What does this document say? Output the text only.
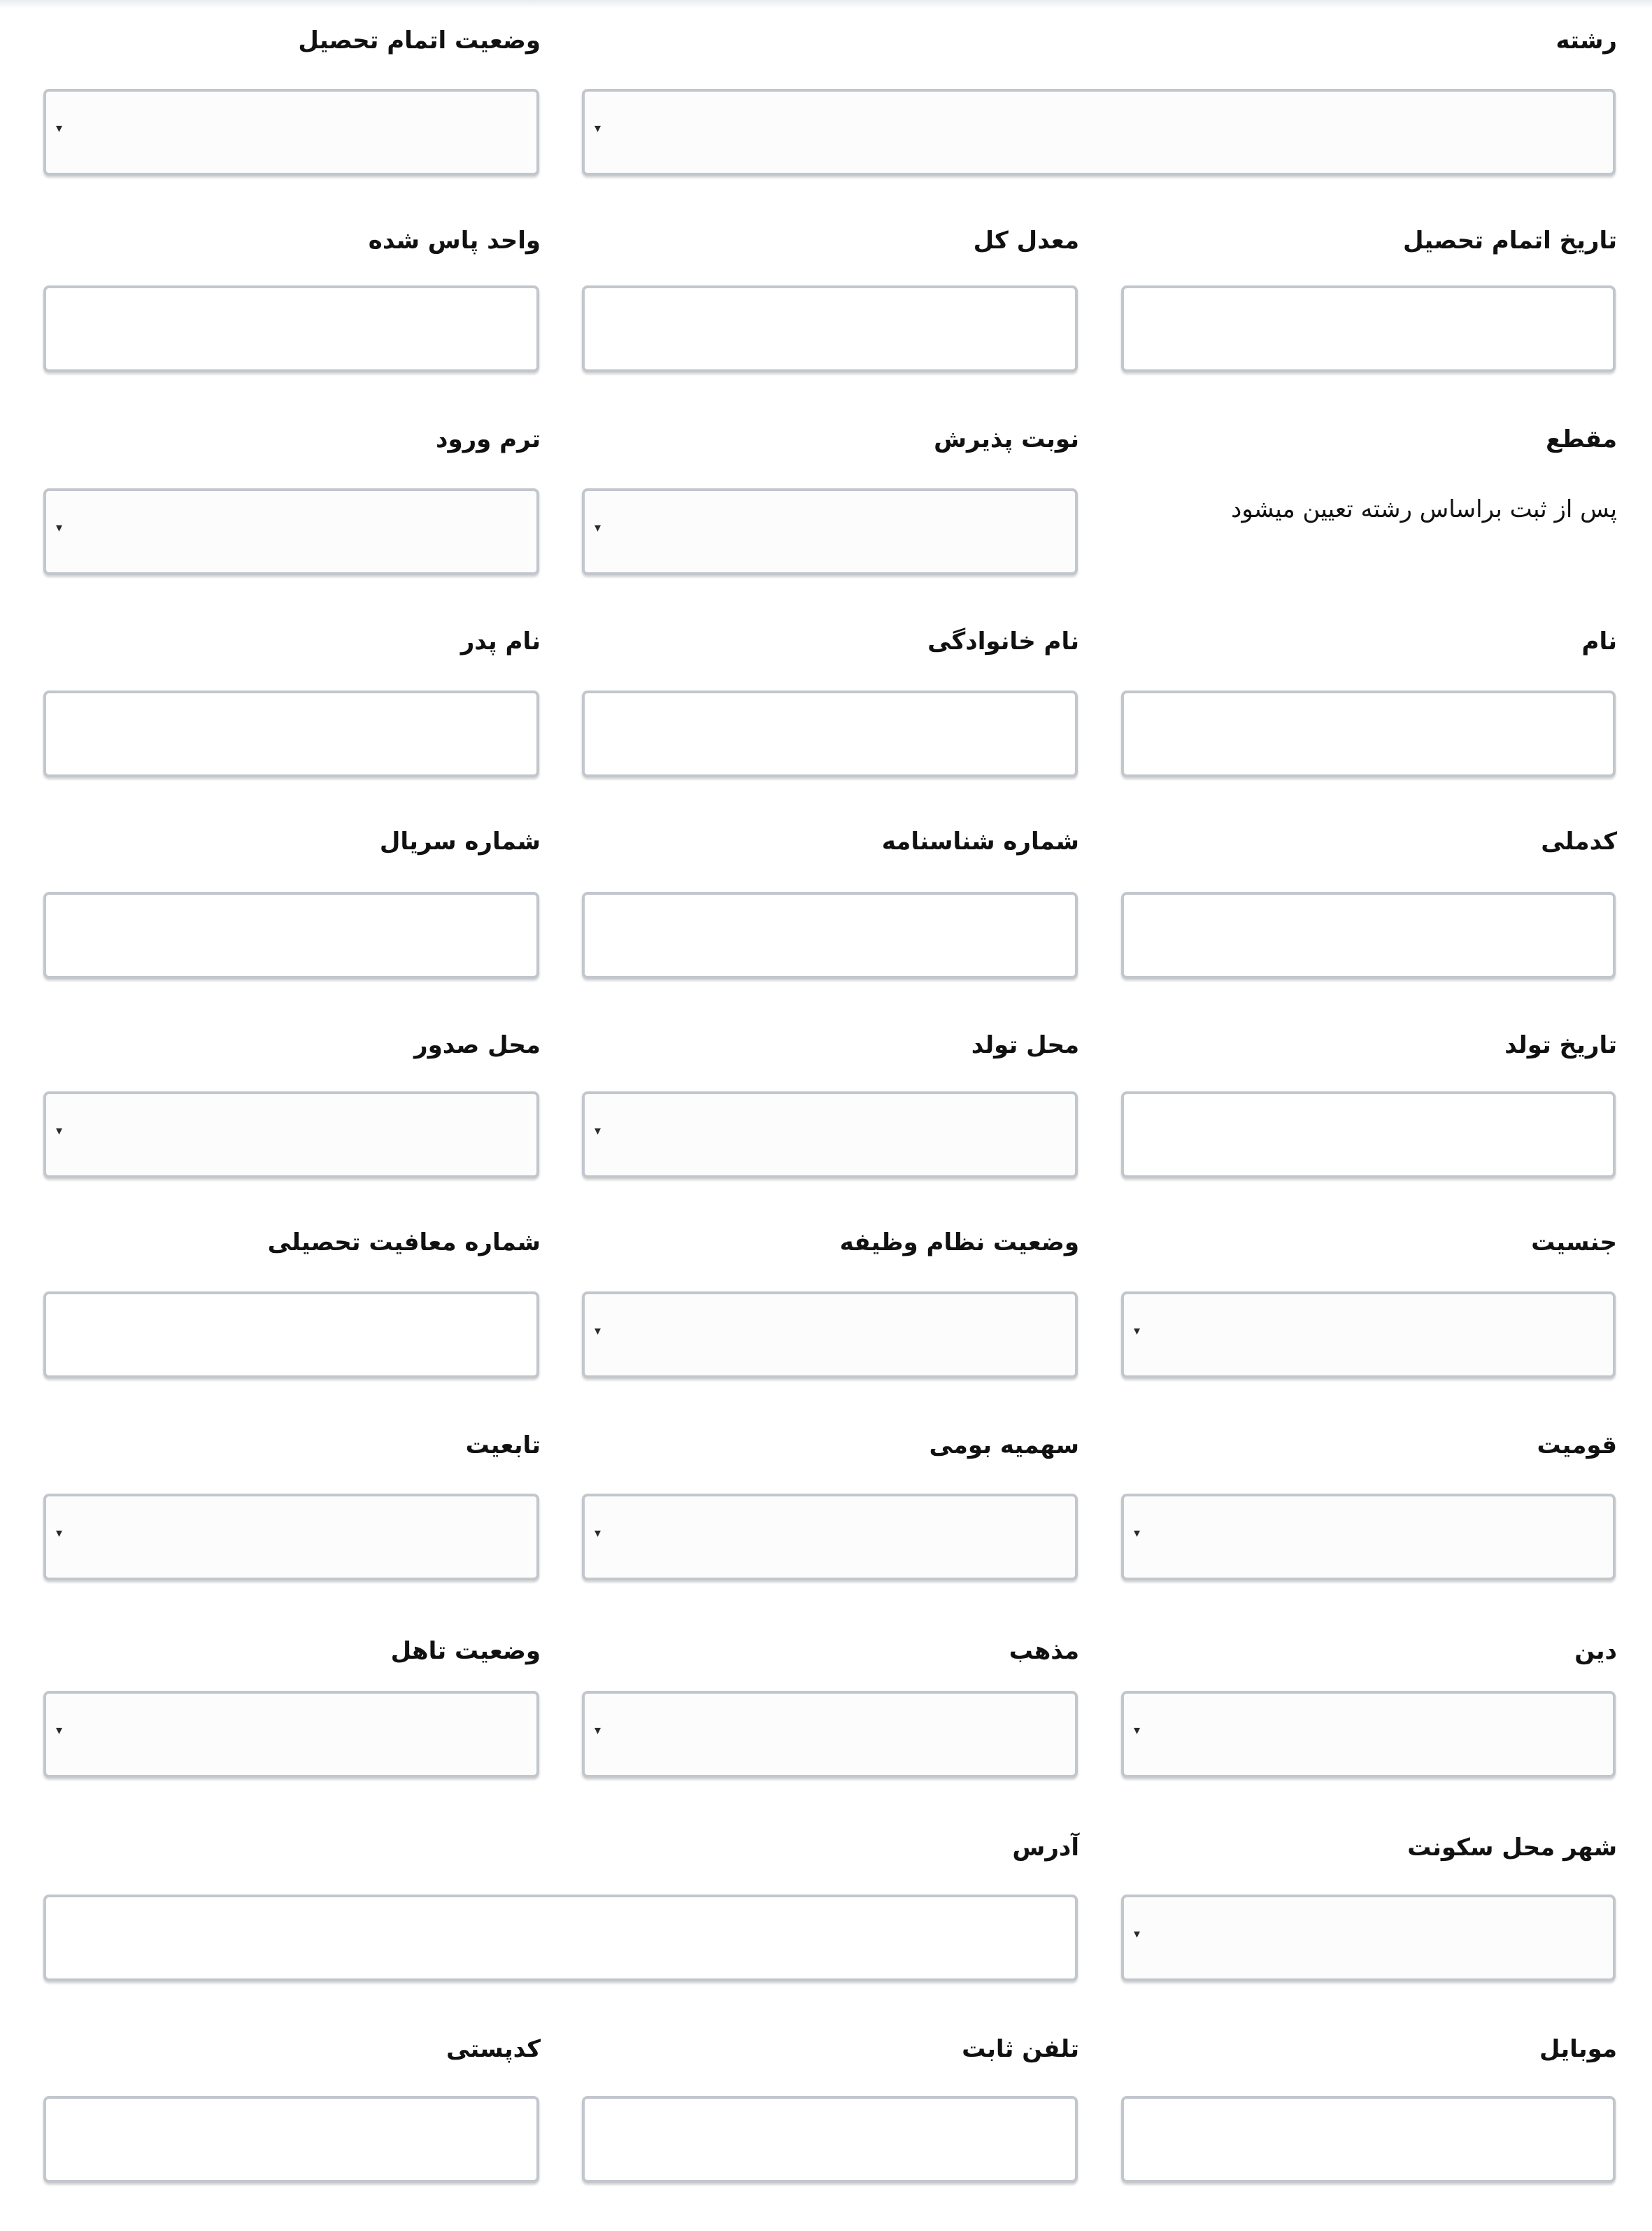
رشته
وضعیت اتمام تحصیل
▾
▾
تاریخ اتمام تحصیل
معدل کل
واحد پاس شده
مقطع
پس از ثبت براساس رشته تعیین میشود
نوبت پذیرش
ترم ورود
▾
▾
نام
نام خانوادگی
نام پدر
کدملی
شماره شناسنامه
شماره سریال
تاریخ تولد
محل تولد
محل صدور
▾
▾
جنسیت
وضعیت نظام وظیفه
شماره معافیت تحصیلی
▾
▾
قومیت
سهمیه بومی
تابعیت
▾
▾
▾
دین
مذهب
وضعیت تاهل
▾
▾
▾
شهر محل سکونت
آدرس
▾
موبایل
تلفن ثابت
کدپستی
